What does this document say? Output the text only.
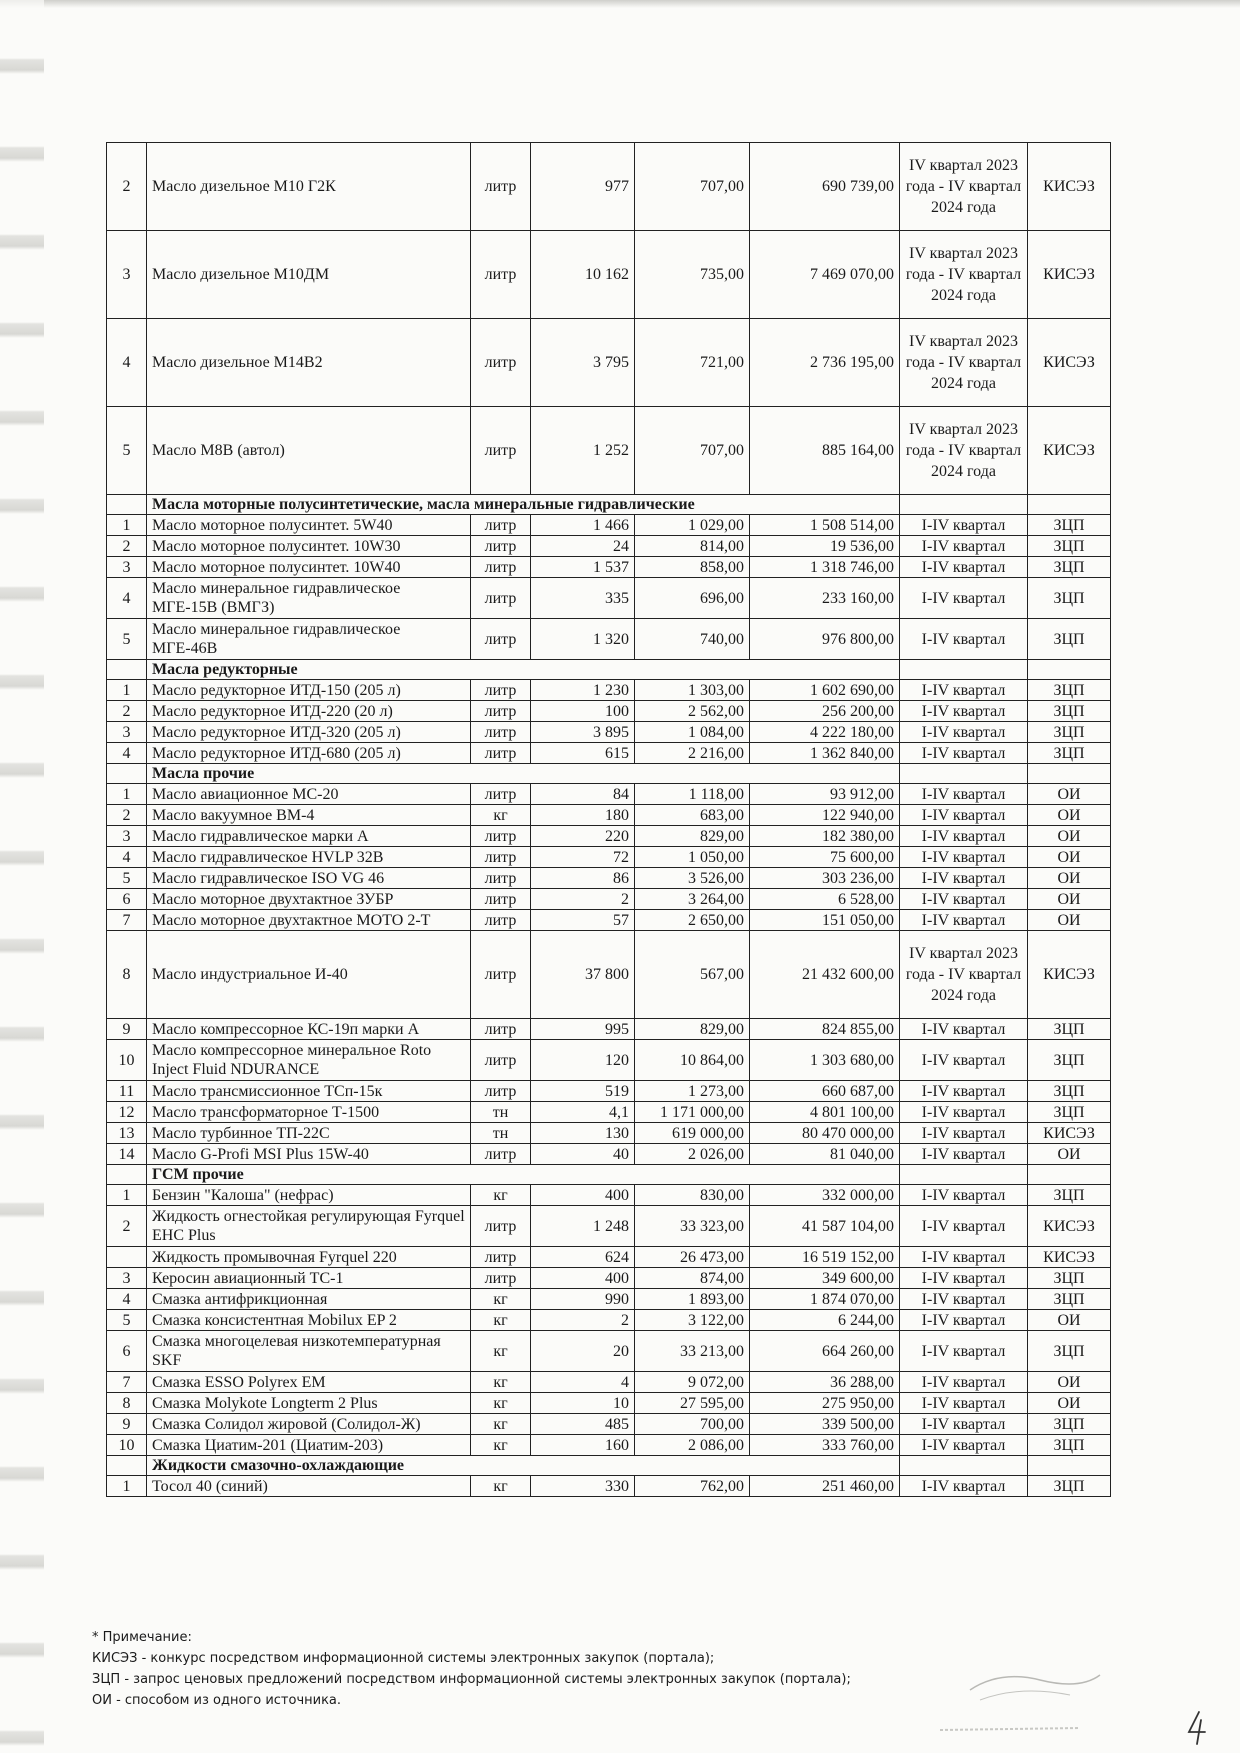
2	Масло дизельное М10 Г2К	литр	977	707,00	690 739,00	IV квартал 2023 года - IV квартал 2024 года	КИСЭЗ
3	Масло дизельное М10ДМ	литр	10 162	735,00	7 469 070,00	IV квартал 2023 года - IV квартал 2024 года	КИСЭЗ
4	Масло дизельное М14В2	литр	3 795	721,00	2 736 195,00	IV квартал 2023 года - IV квартал 2024 года	КИСЭЗ
5	Масло М8В (автол)	литр	1 252	707,00	885 164,00	IV квартал 2023 года - IV квартал 2024 года	КИСЭЗ
	Масла моторные полусинтетические, масла минеральные гидравлические						
1	Масло моторное полусинтет. 5W40	литр	1 466	1 029,00	1 508 514,00	I-IV квартал	ЗЦП
2	Масло моторное полусинтет. 10W30	литр	24	814,00	19 536,00	I-IV квартал	ЗЦП
3	Масло моторное полусинтет. 10W40	литр	1 537	858,00	1 318 746,00	I-IV квартал	ЗЦП
4	Масло минеральное гидравлическое МГЕ-15В (ВМГЗ)	литр	335	696,00	233 160,00	I-IV квартал	ЗЦП
5	Масло минеральное гидравлическое МГЕ-46В	литр	1 320	740,00	976 800,00	I-IV квартал	ЗЦП
	Масла редукторные						
1	Масло редукторное ИТД-150 (205 л)	литр	1 230	1 303,00	1 602 690,00	I-IV квартал	ЗЦП
2	Масло редукторное ИТД-220 (20 л)	литр	100	2 562,00	256 200,00	I-IV квартал	ЗЦП
3	Масло редукторное ИТД-320 (205 л)	литр	3 895	1 084,00	4 222 180,00	I-IV квартал	ЗЦП
4	Масло редукторное ИТД-680 (205 л)	литр	615	2 216,00	1 362 840,00	I-IV квартал	ЗЦП
	Масла прочие						
1	Масло авиационное МС-20	литр	84	1 118,00	93 912,00	I-IV квартал	ОИ
2	Масло вакуумное ВМ-4	кг	180	683,00	122 940,00	I-IV квартал	ОИ
3	Масло гидравлическое марки А	литр	220	829,00	182 380,00	I-IV квартал	ОИ
4	Масло гидравлическое HVLP 32B	литр	72	1 050,00	75 600,00	I-IV квартал	ОИ
5	Масло гидравлическое ISO VG 46	литр	86	3 526,00	303 236,00	I-IV квартал	ОИ
6	Масло моторное двухтактное ЗУБР	литр	2	3 264,00	6 528,00	I-IV квартал	ОИ
7	Масло моторное двухтактное МОТО 2-Т	литр	57	2 650,00	151 050,00	I-IV квартал	ОИ
8	Масло индустриальное И-40	литр	37 800	567,00	21 432 600,00	IV квартал 2023 года - IV квартал 2024 года	КИСЭЗ
9	Масло компрессорное КС-19п марки А	литр	995	829,00	824 855,00	I-IV квартал	ЗЦП
10	Масло компрессорное минеральное Roto Inject Fluid NDURANCE	литр	120	10 864,00	1 303 680,00	I-IV квартал	ЗЦП
11	Масло трансмиссионное ТСп-15к	литр	519	1 273,00	660 687,00	I-IV квартал	ЗЦП
12	Масло трансформаторное Т-1500	тн	4,1	1 171 000,00	4 801 100,00	I-IV квартал	ЗЦП
13	Масло турбинное ТП-22С	тн	130	619 000,00	80 470 000,00	I-IV квартал	КИСЭЗ
14	Масло G-Profi MSI Plus 15W-40	литр	40	2 026,00	81 040,00	I-IV квартал	ОИ
	ГСМ прочие						
1	Бензин "Калоша" (нефрас)	кг	400	830,00	332 000,00	I-IV квартал	ЗЦП
2	Жидкость огнестойкая регулирующая Fyrquel EHC Plus	литр	1 248	33 323,00	41 587 104,00	I-IV квартал	КИСЭЗ
	Жидкость промывочная Fyrquel 220	литр	624	26 473,00	16 519 152,00	I-IV квартал	КИСЭЗ
3	Керосин авиационный ТС-1	литр	400	874,00	349 600,00	I-IV квартал	ЗЦП
4	Смазка антифрикционная	кг	990	1 893,00	1 874 070,00	I-IV квартал	ЗЦП
5	Смазка консистентная Mobilux EP 2	кг	2	3 122,00	6 244,00	I-IV квартал	ОИ
6	Смазка многоцелевая низкотемпературная SKF	кг	20	33 213,00	664 260,00	I-IV квартал	ЗЦП
7	Смазка ESSO Polyrex EM	кг	4	9 072,00	36 288,00	I-IV квартал	ОИ
8	Смазка Molykote Longterm 2 Plus	кг	10	27 595,00	275 950,00	I-IV квартал	ОИ
9	Смазка Солидол жировой (Солидол-Ж)	кг	485	700,00	339 500,00	I-IV квартал	ЗЦП
10	Смазка Циатим-201 (Циатим-203)	кг	160	2 086,00	333 760,00	I-IV квартал	ЗЦП
	Жидкости смазочно-охлаждающие						
1	Тосол 40 (синий)	кг	330	762,00	251 460,00	I-IV квартал	ЗЦП
* Примечание:
КИСЭЗ - конкурс посредством информационной системы электронных закупок (портала);
ЗЦП - запрос ценовых предложений посредством информационной системы электронных закупок (портала);
ОИ - способом из одного источника.
